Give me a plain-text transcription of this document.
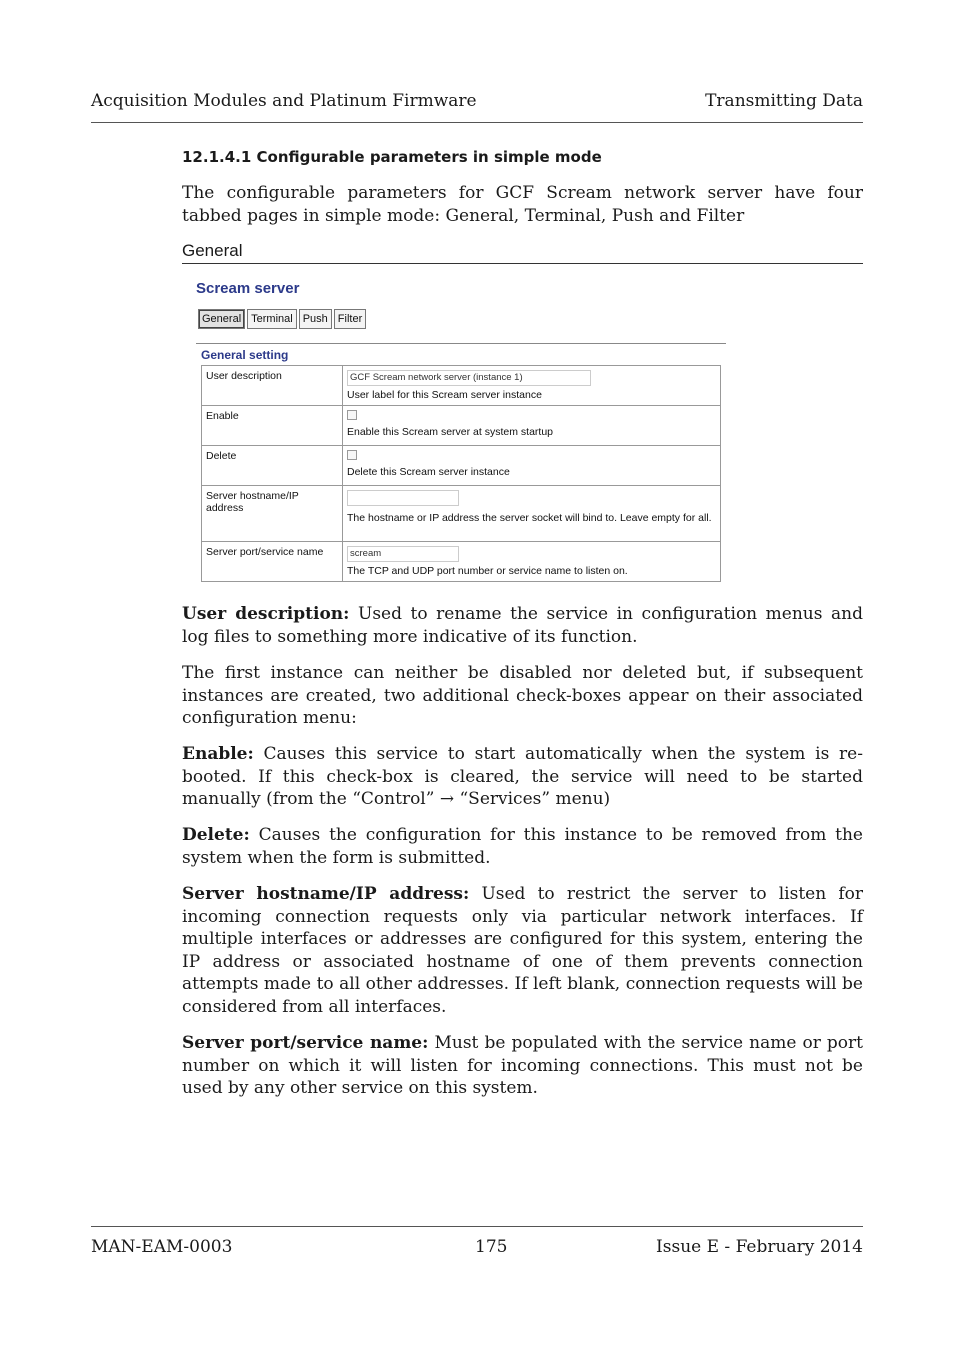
Acquisition Modules and Platinum Firmware	Transmitting Data
12.1.4.1 Configurable parameters in simple mode

The configurable parameters for GCF Scream network server have four tabbed pages in simple mode: General, Terminal, Push and Filter

General
Scream server
General Terminal Push Filter
General setting
User description	GCF Scream network server (instance 1)
User label for this Scream server instance

Enable	Enable this Scream server at system startup

Delete	Delete this Scream server instance

Server hostname/IP address	The hostname or IP address the server socket will bind to. Leave empty for all.

Server port/service name	scream
The TCP and UDP port number or service name to listen on.

User description: Used to rename the service in configuration menus and log files to something more indicative of its function.

The first instance can neither be disabled nor deleted but, if subsequent instances are created, two additional check-boxes appear on their associated configuration menu:

Enable: Causes this service to start automatically when the system is re-booted. If this check-box is cleared, the service will need to be started manually (from the “Control” → “Services” menu)

Delete: Causes the configuration for this instance to be removed from the system when the form is submitted.

Server hostname/IP address: Used to restrict the server to listen for incoming connection requests only via particular network interfaces. If multiple interfaces or addresses are configured for this system, entering the IP address or associated hostname of one of them prevents connection attempts made to all other addresses. If left blank, connection requests will be considered from all interfaces.

Server port/service name: Must be populated with the service name or port number on which it will listen for incoming connections. This must not be used by any other service on this system.

MAN-EAM-0003	175	Issue E - February 2014
